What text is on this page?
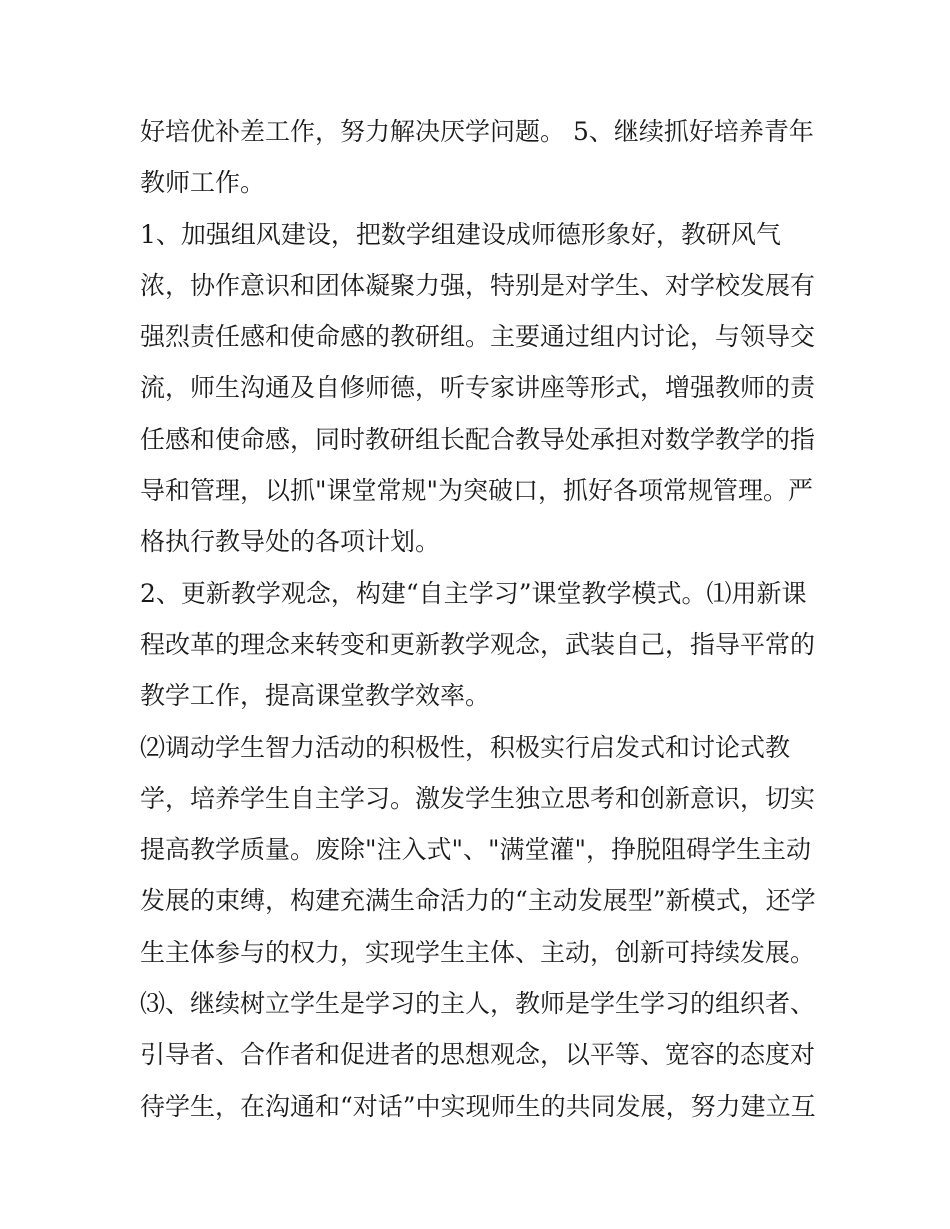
好培优补差工作，努力解决厌学问题。 5、继续抓好培养青年

教师工作。

1、加强组风建设，把数学组建设成师德形象好，教研风气

浓，协作意识和团体凝聚力强，特别是对学生、对学校发展有

强烈责任感和使命感的教研组。主要通过组内讨论，与领导交

流，师生沟通及自修师德，听专家讲座等形式，增强教师的责

任感和使命感，同时教研组长配合教导处承担对数学教学的指

导和管理，以抓"课堂常规"为突破口，抓好各项常规管理。严

格执行教导处的各项计划。

2、更新教学观念，构建“自主学习”课堂教学模式。⑴用新课

程改革的理念来转变和更新教学观念，武装自己，指导平常的

教学工作，提高课堂教学效率。

⑵调动学生智力活动的积极性，积极实行启发式和讨论式教

学，培养学生自主学习。激发学生独立思考和创新意识，切实

提高教学质量。废除"注入式"、"满堂灌"，挣脱阻碍学生主动

发展的束缚，构建充满生命活力的“主动发展型”新模式，还学

生主体参与的权力，实现学生主体、主动，创新可持续发展。

⑶、继续树立学生是学习的主人，教师是学生学习的组织者、

引导者、合作者和促进者的思想观念，以平等、宽容的态度对

待学生，在沟通和“对话”中实现师生的共同发展，努力建立互
